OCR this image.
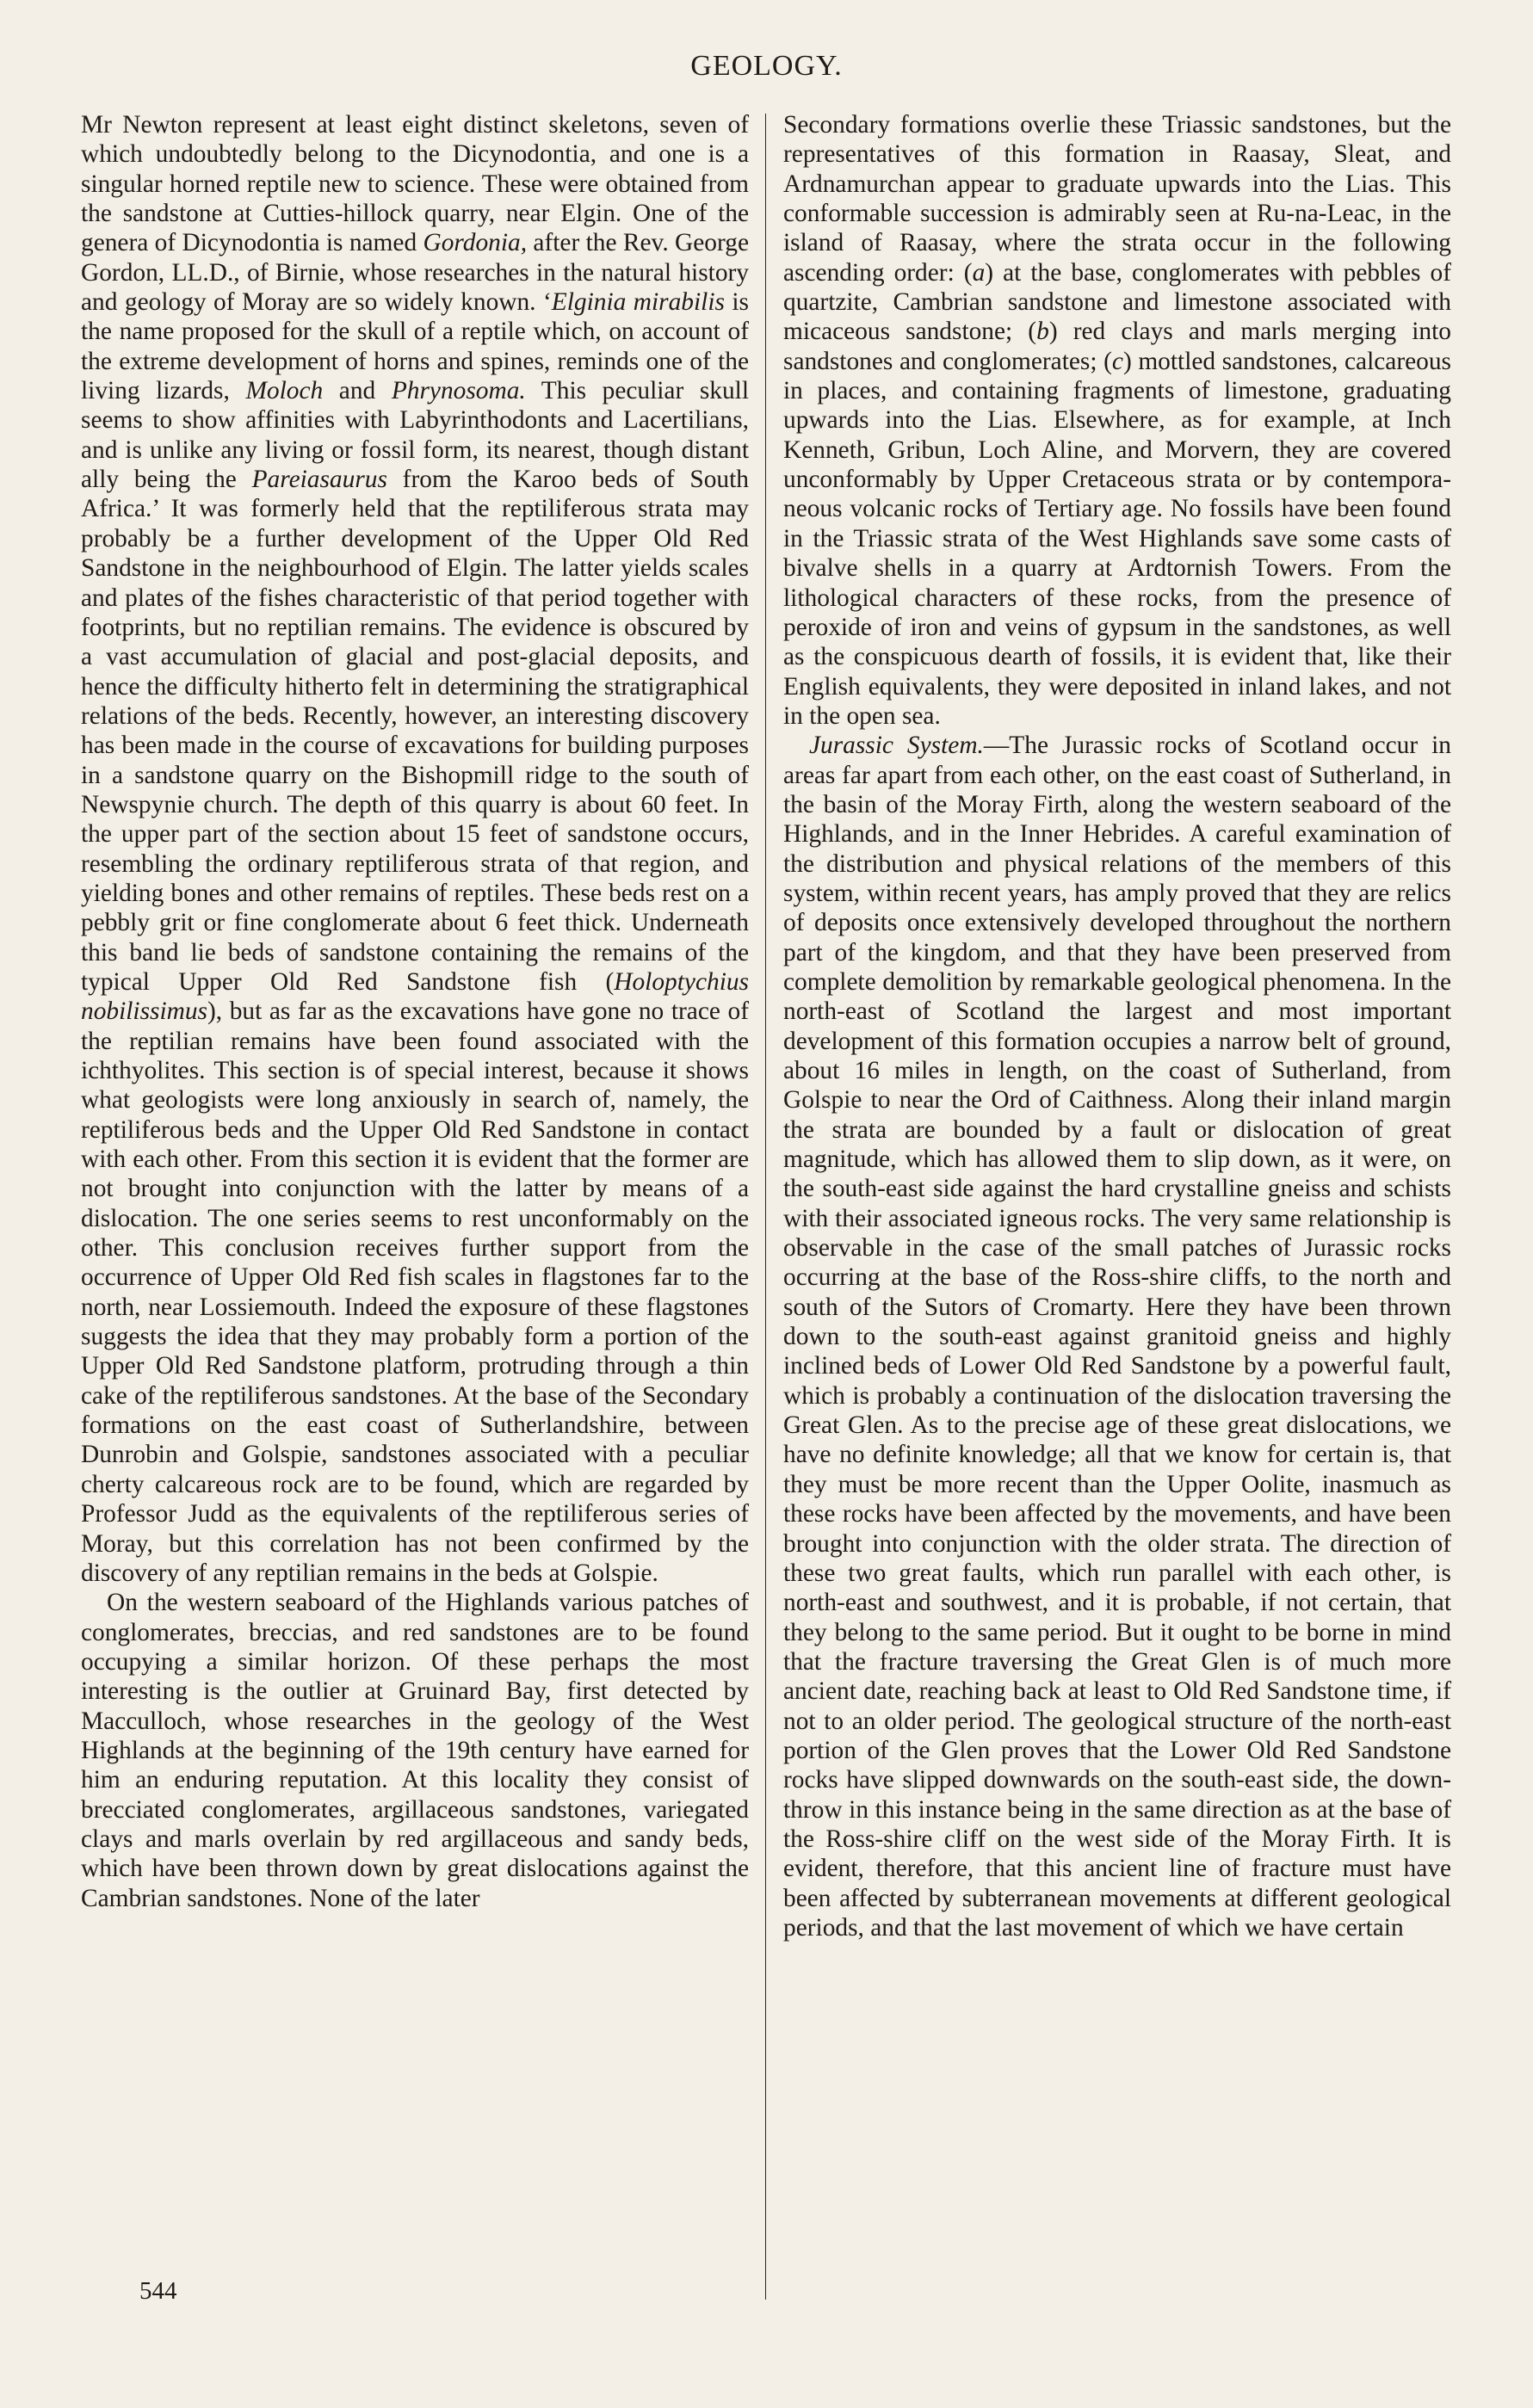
GEOLOGY.

Mr Newton represent at least eight distinct skeletons, seven of which undoubtedly belong to the Dicynodontia, and one is a singular horned reptile new to science. These were obtained from the sandstone at Cutties-hillock quarry, near Elgin. One of the genera of Dicynodontia is named Gordonia, after the Rev. George Gordon, LL.D., of Birnie, whose researches in the natural history and geology of Moray are so widely known. ‘Elginia mirabilis is the name proposed for the skull of a reptile which, on account of the extreme development of horns and spines, reminds one of the living lizards, Moloch and Phrynosoma. This peculiar skull seems to show affinities with Labyrinthodonts and Lacertilians, and is unlike any living or fossil form, its nearest, though distant ally being the Pareiasaurus from the Karoo beds of South Africa.’ It was formerly held that the reptiliferous strata may probably be a further development of the Upper Old Red Sandstone in the neighbourhood of Elgin. The latter yields scales and plates of the fishes characteristic of that period together with footprints, but no reptilian remains. The evidence is obscured by a vast accumulation of glacial and post-glacial deposits, and hence the difficulty hitherto felt in determining the stratigraphical relations of the beds. Recently, however, an interesting discovery has been made in the course of excavations for building purposes in a sandstone quarry on the Bishopmill ridge to the south of Newspynie church. The depth of this quarry is about 60 feet. In the upper part of the section about 15 feet of sandstone occurs, resembling the ordinary reptiliferous strata of that region, and yielding bones and other remains of reptiles. These beds rest on a pebbly grit or fine conglomerate about 6 feet thick. Underneath this band lie beds of sandstone containing the remains of the typical Upper Old Red Sandstone fish (Holoptychius nobilissimus), but as far as the excavations have gone no trace of the reptilian remains have been found associated with the ichthyolites. This section is of special interest, because it shows what geologists were long anxiously in search of, namely, the reptiliferous beds and the Upper Old Red Sandstone in contact with each other. From this section it is evident that the former are not brought into conjunction with the latter by means of a dislocation. The one series seems to rest unconformably on the other. This conclusion receives further support from the occurrence of Upper Old Red fish scales in flagstones far to the north, near Lossiemouth. Indeed the exposure of these flagstones suggests the idea that they may probably form a portion of the Upper Old Red Sandstone platform, protruding through a thin cake of the reptiliferous sandstones. At the base of the Secondary formations on the east coast of Sutherlandshire, between Dunrobin and Golspie, sandstones associated with a peculiar cherty calcareous rock are to be found, which are regarded by Professor Judd as the equivalents of the reptiliferous series of Moray, but this correlation has not been confirmed by the discovery of any reptilian remains in the beds at Golspie.

On the western seaboard of the Highlands various patches of conglomerates, breccias, and red sandstones are to be found occupying a similar horizon. Of these perhaps the most interesting is the outlier at Gruinard Bay, first detected by Macculloch, whose researches in the geology of the West Highlands at the beginning of the 19th century have earned for him an enduring reputation. At this locality they consist of brecciated conglomerates, argillaceous sandstones, variegated clays and marls overlain by red argillaceous and sandy beds, which have been thrown down by great dislocations against the Cambrian sandstones. None of the later

Secondary formations overlie these Triassic sandstones, but the representatives of this formation in Raasay, Sleat, and Ardnamurchan appear to graduate upwards into the Lias. This conformable succession is admirably seen at Ru-na-Leac, in the island of Raasay, where the strata occur in the following ascending order: (a) at the base, conglomerates with pebbles of quartzite, Cambrian sandstone and limestone associated with micaceous sandstone; (b) red clays and marls merging into sandstones and conglomerates; (c) mottled sandstones, calcareous in places, and containing fragments of limestone, graduating upwards into the Lias. Elsewhere, as for example, at Inch Kenneth, Gribun, Loch Aline, and Morvern, they are covered unconformably by Upper Cretaceous strata or by contemporaneous volcanic rocks of Tertiary age. No fossils have been found in the Triassic strata of the West Highlands save some casts of bivalve shells in a quarry at Ardtornish Towers. From the lithological characters of these rocks, from the presence of peroxide of iron and veins of gypsum in the sandstones, as well as the conspicuous dearth of fossils, it is evident that, like their English equivalents, they were deposited in inland lakes, and not in the open sea.

Jurassic System.—The Jurassic rocks of Scotland occur in areas far apart from each other, on the east coast of Sutherland, in the basin of the Moray Firth, along the western seaboard of the Highlands, and in the Inner Hebrides. A careful examination of the distribution and physical relations of the members of this system, within recent years, has amply proved that they are relics of deposits once extensively developed throughout the northern part of the kingdom, and that they have been preserved from complete demolition by remarkable geological phenomena. In the north-east of Scotland the largest and most important development of this formation occupies a narrow belt of ground, about 16 miles in length, on the coast of Sutherland, from Golspie to near the Ord of Caithness. Along their inland margin the strata are bounded by a fault or dislocation of great magnitude, which has allowed them to slip down, as it were, on the south-east side against the hard crystalline gneiss and schists with their associated igneous rocks. The very same relationship is observable in the case of the small patches of Jurassic rocks occurring at the base of the Ross-shire cliffs, to the north and south of the Sutors of Cromarty. Here they have been thrown down to the south-east against granitoid gneiss and highly inclined beds of Lower Old Red Sandstone by a powerful fault, which is probably a continuation of the dislocation traversing the Great Glen. As to the precise age of these great dislocations, we have no definite knowledge; all that we know for certain is, that they must be more recent than the Upper Oolite, inasmuch as these rocks have been affected by the movements, and have been brought into conjunction with the older strata. The direction of these two great faults, which run parallel with each other, is north-east and southwest, and it is probable, if not certain, that they belong to the same period. But it ought to be borne in mind that the fracture traversing the Great Glen is of much more ancient date, reaching back at least to Old Red Sandstone time, if not to an older period. The geological structure of the north-east portion of the Glen proves that the Lower Old Red Sandstone rocks have slipped downwards on the south-east side, the downthrow in this instance being in the same direction as at the base of the Ross-shire cliff on the west side of the Moray Firth. It is evident, therefore, that this ancient line of fracture must have been affected by subterranean movements at different geological periods, and that the last movement of which we have certain

544
